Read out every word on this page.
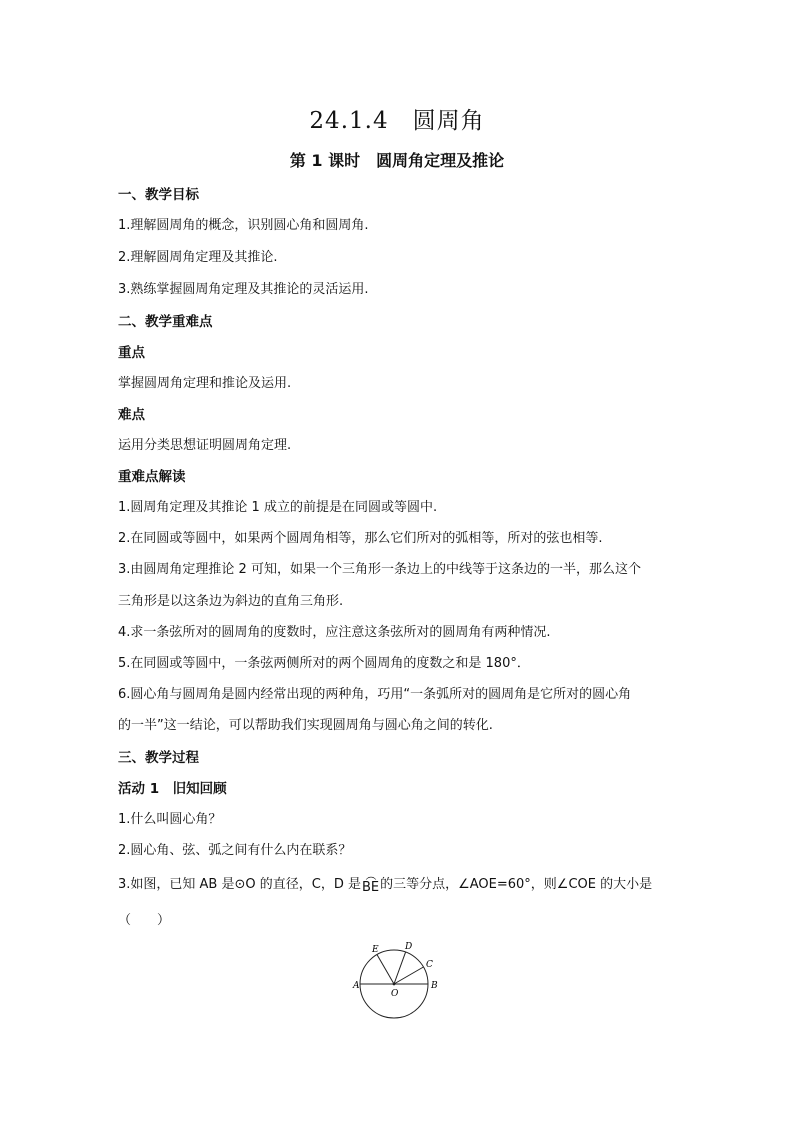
24.1.4　圆周角
第 1 课时　圆周角定理及推论
一、教学目标
1.理解圆周角的概念，识别圆心角和圆周角.
2.理解圆周角定理及其推论.
3.熟练掌握圆周角定理及其推论的灵活运用.
二、教学重难点
重点
掌握圆周角定理和推论及运用.
难点
运用分类思想证明圆周角定理.
重难点解读
1.圆周角定理及其推论 1 成立的前提是在同圆或等圆中.
2.在同圆或等圆中，如果两个圆周角相等，那么它们所对的弧相等，所对的弦也相等.
3.由圆周角定理推论 2 可知，如果一个三角形一条边上的中线等于这条边的一半，那么这个
三角形是以这条边为斜边的直角三角形.
4.求一条弦所对的圆周角的度数时，应注意这条弦所对的圆周角有两种情况.
5.在同圆或等圆中，一条弦两侧所对的两个圆周角的度数之和是 180°．
6.圆心角与圆周角是圆内经常出现的两种角，巧用“一条弧所对的圆周角是它所对的圆心角
的一半”这一结论，可以帮助我们实现圆周角与圆心角之间的转化.
三、教学过程
活动 1　旧知回顾
1.什么叫圆心角？
2.圆心角、弦、弧之间有什么内在联系？
3.如图，已知 AB 是⊙O 的直径，C，D 是
︵
BE的三等分点，∠AOE=60°，则∠COE 的大小是
（　　）
A	B
C
D
E
O
